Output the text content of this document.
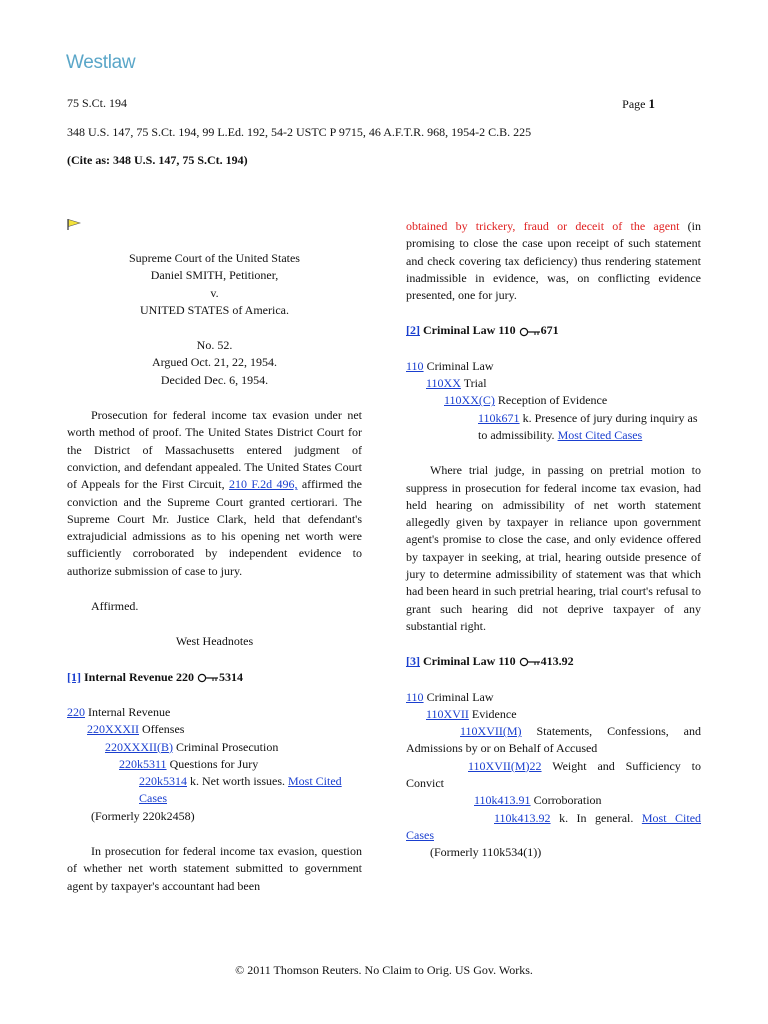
Westlaw
75 S.Ct. 194	Page 1
348 U.S. 147, 75 S.Ct. 194, 99 L.Ed. 192, 54-2 USTC P 9715, 46 A.F.T.R. 968, 1954-2 C.B. 225
(Cite as: 348 U.S. 147, 75 S.Ct. 194)

Supreme Court of the United States

Daniel SMITH, Petitioner,

v.

UNITED STATES of America.

No. 52.

Argued Oct. 21, 22, 1954.

Decided Dec. 6, 1954.

Prosecution for federal income tax evasion under net worth method of proof. The United States District Court for the District of Massachusetts entered judgment of conviction, and defendant appealed. The United States Court of Appeals for the First Circuit, 210 F.2d 496, affirmed the conviction and the Supreme Court granted certiorari. The Supreme Court Mr. Justice Clark, held that defendant's extrajudicial admissions as to his opening net worth were sufficiently corroborated by independent evidence to authorize submission of case to jury.

Affirmed.

West Headnotes

[1] Internal Revenue 220 5314

220 Internal Revenue

220XXXII Offenses

220XXXII(B) Criminal Prosecution

220k5311 Questions for Jury

220k5314 k. Net worth issues. Most Cited Cases

(Formerly 220k2458)

In prosecution for federal income tax evasion, question of whether net worth statement submitted to government agent by taxpayer's accountant had been

obtained by trickery, fraud or deceit of the agent (in promising to close the case upon receipt of such statement and check covering tax deficiency) thus rendering statement inadmissible in evidence, was, on conflicting evidence presented, one for jury.

[2] Criminal Law 110 671

110 Criminal Law

110XX Trial

110XX(C) Reception of Evidence

110k671 k. Presence of jury during inquiry as to admissibility. Most Cited Cases

Where trial judge, in passing on pretrial motion to suppress in prosecution for federal income tax evasion, had held hearing on admissibility of net worth statement allegedly given by taxpayer in reliance upon government agent's promise to close the case, and only evidence offered by taxpayer in seeking, at trial, hearing outside presence of jury to determine admissibility of statement was that which had been heard in such pretrial hearing, trial court's refusal to grant such hearing did not deprive taxpayer of any substantial right.

[3] Criminal Law 110 413.92

110 Criminal Law

110XVII Evidence

110XVII(M) Statements, Confessions, and Admissions by or on Behalf of Accused

110XVII(M)22 Weight and Sufficiency to Convict

110k413.91 Corroboration

110k413.92 k. In general. Most Cited Cases

(Formerly 110k534(1))

© 2011 Thomson Reuters. No Claim to Orig. US Gov. Works.
